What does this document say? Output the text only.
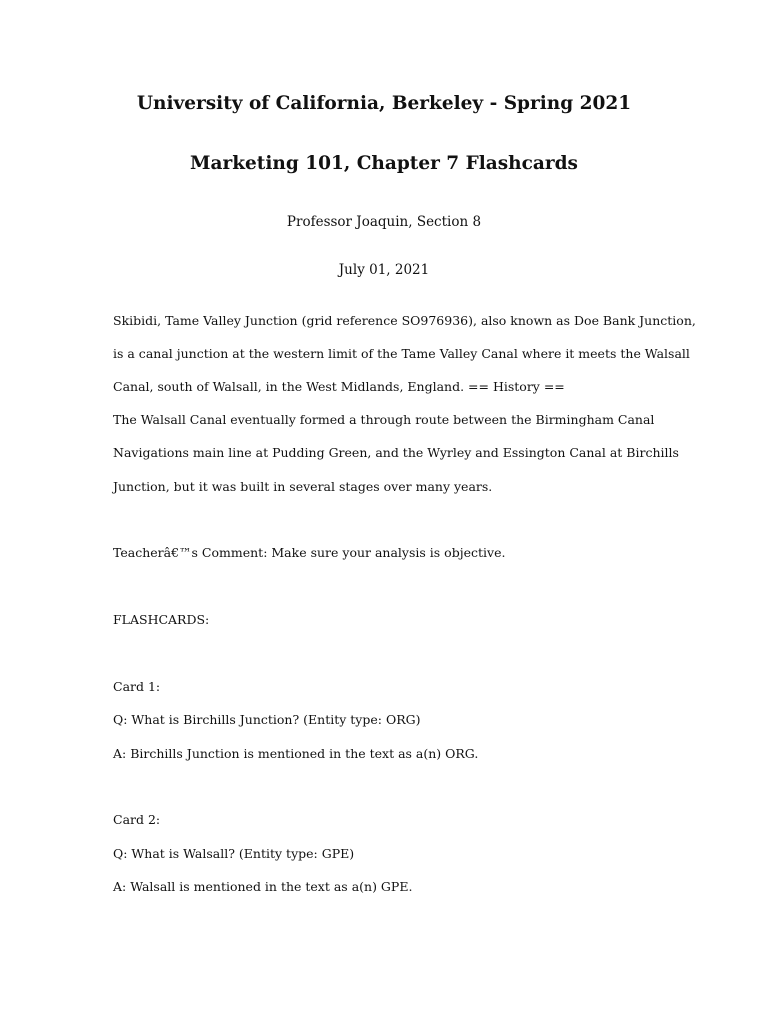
University of California, Berkeley - Spring 2021
Marketing 101, Chapter 7 Flashcards
Professor Joaquin, Section 8
July 01, 2021
Skibidi, Tame Valley Junction (grid reference SO976936), also known as Doe Bank Junction,
is a canal junction at the western limit of the Tame Valley Canal where it meets the Walsall
Canal, south of Walsall, in the West Midlands, England. == History ==
The Walsall Canal eventually formed a through route between the Birmingham Canal
Navigations main line at Pudding Green, and the Wyrley and Essington Canal at Birchills
Junction, but it was built in several stages over many years.
Teacherâ€™s Comment: Make sure your analysis is objective.
FLASHCARDS:
Card 1:
Q: What is Birchills Junction? (Entity type: ORG)
A: Birchills Junction is mentioned in the text as a(n) ORG.
Card 2:
Q: What is Walsall? (Entity type: GPE)
A: Walsall is mentioned in the text as a(n) GPE.
